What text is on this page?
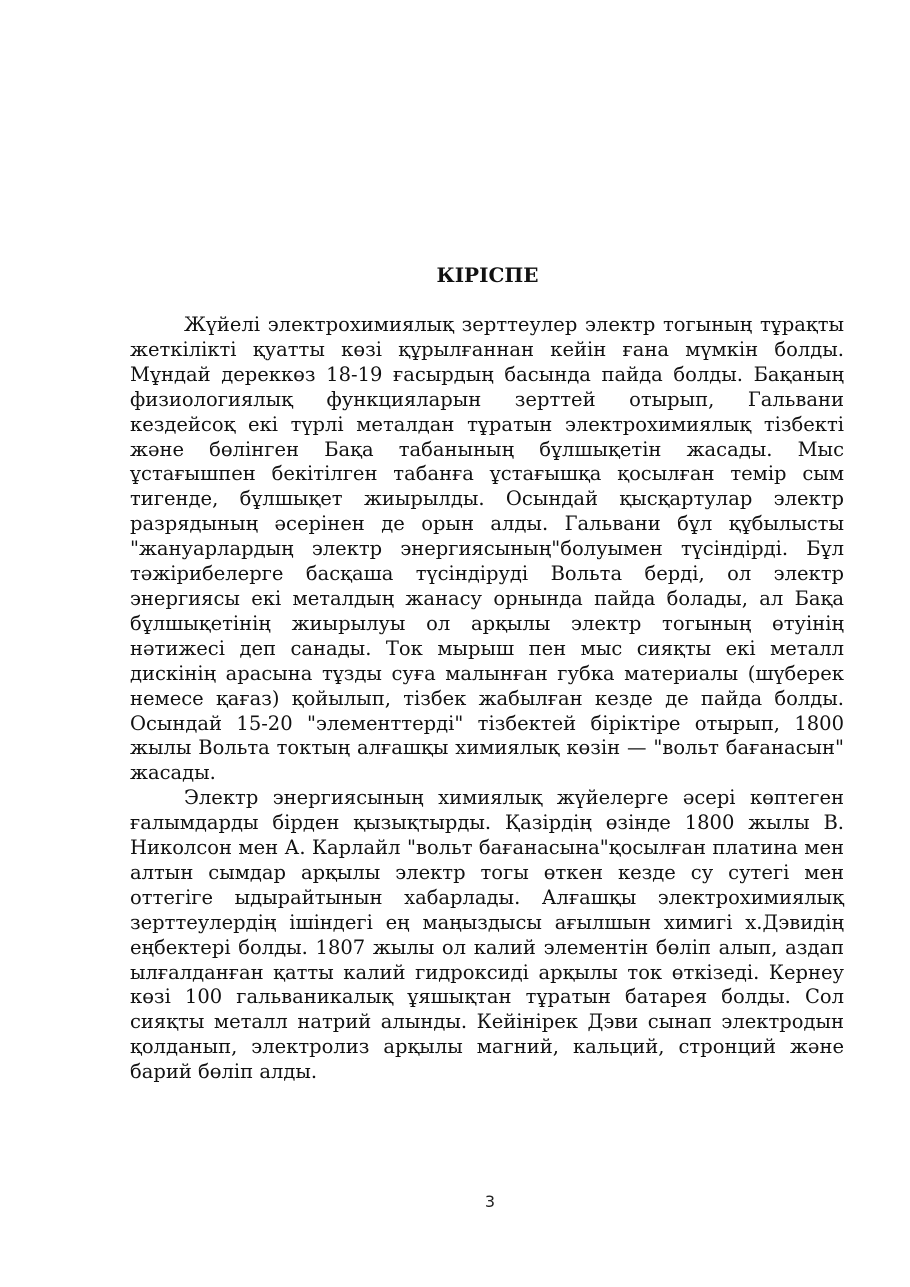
КІРІСПЕ

Жүйелі электрохимиялық зерттеулер электр тогының тұрақты жеткілікті қуатты көзі құрылғаннан кейін ғана мүмкін болды. Мұндай дереккөз 18-19 ғасырдың басында пайда болды. Бақаның физиологиялық функцияларын зерттей отырып, Гальвани кездейсоқ екі түрлі металдан тұратын электрохимиялық тізбекті және бөлінген Бақа табанының бұлшықетін жасады. Мыс ұстағышпен бекітілген табанға ұстағышқа қосылған темір сым тигенде, бұлшықет жиырылды. Осындай қысқартулар электр разрядының әсерінен де орын алды. Гальвани бұл құбылысты "жануарлардың электр энергиясының"болуымен түсіндірді. Бұл тәжірибелерге басқаша түсіндіруді Вольта берді, ол электр энергиясы екі металдың жанасу орнында пайда болады, ал Бақа бұлшықетінің жиырылуы ол арқылы электр тогының өтуінің нәтижесі деп санады. Ток мырыш пен мыс сияқты екі металл дискінің арасына тұзды суға малынған губка материалы (шүберек немесе қағаз) қойылып, тізбек жабылған кезде де пайда болды. Осындай 15-20 "элементтерді" тізбектей біріктіре отырып, 1800 жылы Вольта токтың алғашқы химиялық көзін — "вольт бағанасын" жасады.

Электр энергиясының химиялық жүйелерге әсері көптеген ғалымдарды бірден қызықтырды. Қазірдің өзінде 1800 жылы В. Николсон мен А. Карлайл "вольт бағанасына"қосылған платина мен алтын сымдар арқылы электр тогы өткен кезде су сутегі мен оттегіге ыдырайтынын хабарлады. Алғашқы электрохимиялық зерттеулердің ішіндегі ең маңыздысы ағылшын химигі х.Дэвидің еңбектері болды. 1807 жылы ол калий элементін бөліп алып, аздап ылғалданған қатты калий гидроксиді арқылы ток өткізеді. Кернеу көзі 100 гальваникалық ұяшықтан тұратын батарея болды. Сол сияқты металл натрий алынды. Кейінірек Дэви сынап электродын қолданып, электролиз арқылы магний, кальций, стронций және барий бөліп алды.

3
